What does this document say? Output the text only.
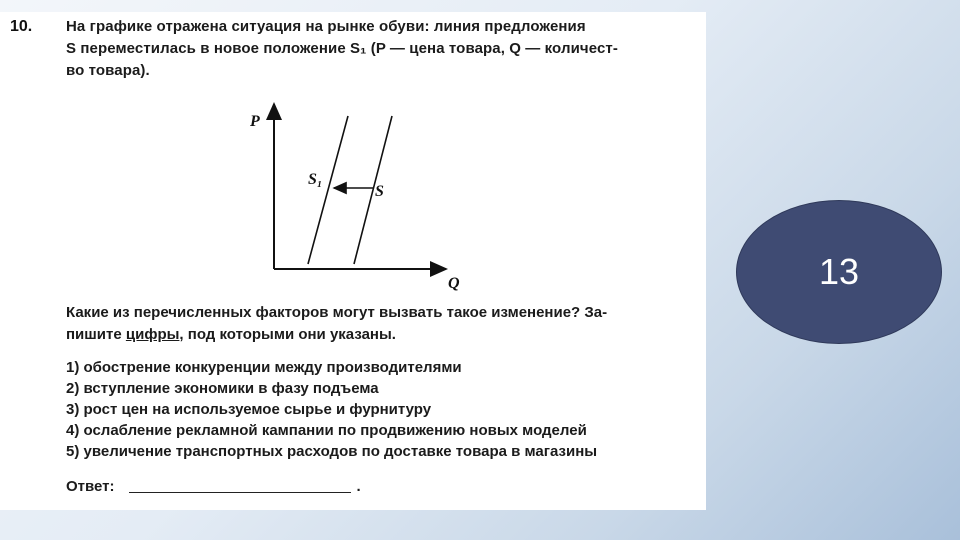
10. На графике отражена ситуация на рынке обуви: линия предложения
S переместилась в новое положение S₁ (P — цена товара, Q — количест-
во товара).
P
Q
S₁
S
Какие из перечисленных факторов могут вызвать такое изменение? За-
пишите цифры, под которыми они указаны.
1) обострение конкуренции между производителями
2) вступление экономики в фазу подъема
3) рост цен на используемое сырье и фурнитуру
4) ослабление рекламной кампании по продвижению новых моделей
5) увеличение транспортных расходов по доставке товара в магазины
Ответ:	.
13
